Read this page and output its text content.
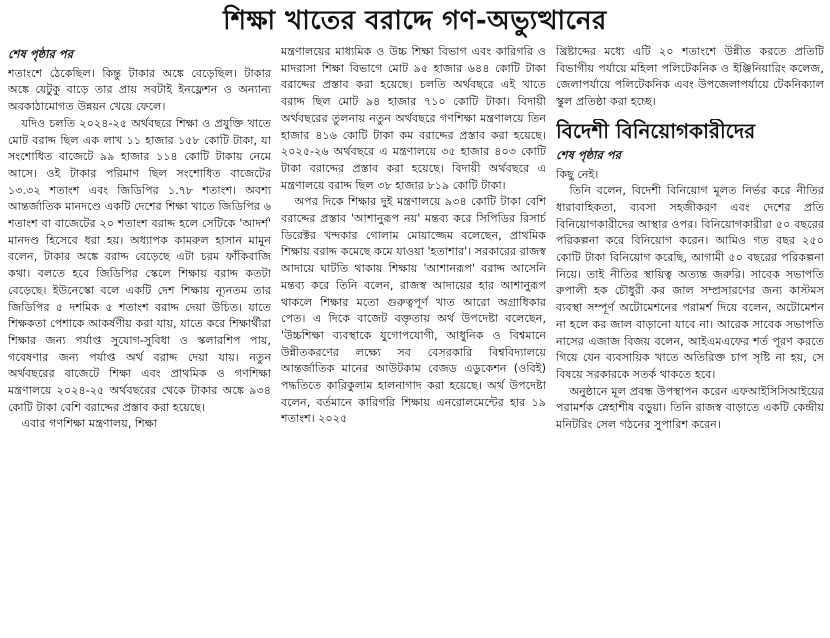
শিক্ষা খাতের বরাদ্দে গণ-অভ্যুত্থানের
শেষ পৃষ্ঠার পর

শতাংশে ঠেকেছিল। কিন্তু টাকার অঙ্কে বেড়েছিল। টাকার অঙ্কে যেটুকু বাড়ে তার প্রায় সবটাই ইনফ্লেশন ও অন্যান্য অবকাঠামোগত উন্নয়ন খেয়ে ফেলে।

যদিও চলতি ২০২৪-২৫ অর্থবছরে শিক্ষা ও প্রযুক্তি খাতে মোট বরাদ্দ ছিল এক লাখ ১১ হাজার ১৫৮ কোটি টাকা, যা সংশোধিত বাজেটে ৯৯ হাজার ১১৪ কোটি টাকায় নেমে আসে। ওই টাকার পরিমাণ ছিল সংশোধিত বাজেটের ১৩.৩২ শতাংশ এবং জিডিপির ১.৭৮ শতাংশ। অবশ্য আন্তর্জাতিক মানদণ্ডে একটি দেশের শিক্ষা খাতে জিডিপির ৬ শতাংশ বা বাজেটের ২০ শতাংশ বরাদ্দ হলে সেটিকে 'আদর্শ' মানদণ্ড হিসেবে ধরা হয়। অধ্যাপক কামরুল হাসান মামুন বলেন, টাকার অঙ্কে বরাদ্দ বেড়েছে এটা চরম ফাঁকিবাজি কথা। বলতে হবে জিডিপির স্কেলে শিক্ষায় বরাদ্দ কতটা বেড়েছে। ইউনেস্কো বলে একটি দেশ শিক্ষায় ন্যূনতম তার জিডিপির ৫ দশমিক ৫ শতাংশ বরাদ্দ দেয়া উচিত। যাতে শিক্ষকতা পেশাকে আকর্ষণীয় করা যায়, যাতে করে শিক্ষার্থীরা শিক্ষার জন্য পর্যাপ্ত সুযোগ-সুবিধা ও স্কলারশিপ পায়, গবেষণার জন্য পর্যাপ্ত অর্থ বরাদ্দ দেয়া যায়। নতুন অর্থবছরের বাজেটে শিক্ষা এবং প্রাথমিক ও গণশিক্ষা মন্ত্রণালয়ে ২০২৪-২৫ অর্থবছরের থেকে টাকার অঙ্কে ৯৩৪ কোটি টাকা বেশি বরাদ্দের প্রস্তাব করা হয়েছে।

এবার গণশিক্ষা মন্ত্রণালয়, শিক্ষা

মন্ত্রণালয়ের মাধ্যমিক ও উচ্চ শিক্ষা বিভাগ এবং কারিগরি ও মাদরাসা শিক্ষা বিভাগে মোট ৯৫ হাজার ৬৪৪ কোটি টাকা বরাদ্দের প্রস্তাব করা হয়েছে। চলতি অর্থবছরে এই খাতে বরাদ্দ ছিল মোট ৯৪ হাজার ৭১০ কোটি টাকা। বিদায়ী অর্থবছরের তুলনায় নতুন অর্থবছরে গণশিক্ষা মন্ত্রণালয়ে তিন হাজার ৪১৬ কোটি টাকা কম বরাদ্দের প্রস্তাব করা হয়েছে। ২০২৫-২৬ অর্থবছরে এ মন্ত্রণালয়ে ৩৫ হাজার ৪০৩ কোটি টাকা বরাদ্দের প্রস্তাব করা হয়েছে। বিদায়ী অর্থবছরে এ মন্ত্রণালয়ে বরাদ্দ ছিল ৩৮ হাজার ৮১৯ কোটি টাকা।

অপর দিকে শিক্ষার দুই মন্ত্রণালয়ে ৯৩৪ কোটি টাকা বেশি বরাদ্দের প্রস্তাব 'আশানুরূপ নয়' মন্তব্য করে সিপিডির রিসার্চ ডিরেক্টর খন্দকার গোলাম মোয়াজ্জেম বলেছেন, প্রাথমিক শিক্ষায় বরাদ্দ কমেছে কমে যাওয়া 'হতাশার'। সরকারের রাজস্ব আদায়ে ঘাটতি থাকায় শিক্ষায় 'আশানরূপ' বরাদ্দ আসেনি মন্তব্য করে তিনি বলেন, রাজস্ব আদায়ের হার আশানুরূপ থাকলে শিক্ষার মতো গুরুত্বপূর্ণ খাত আরো অগ্রাধিকার পেত। এ দিকে বাজেট বক্তৃতায় অর্থ উপদেষ্টা বলেছেন, 'উচ্চশিক্ষা ব্যবস্থাকে যুগোপযোগী, আধুনিক ও বিশ্বমানে উন্নীতকরণের লক্ষ্যে সব বেসরকারি বিশ্ববিদ্যালয়ে আন্তর্জাতিক মানের আউটকাম বেজড এডুকেশন (ওবিই) পদ্ধতিতে কারিকুলাম হালনাগাদ করা হয়েছে। অর্থ উপদেষ্টা বলেন, বর্তমানে কারিগরি শিক্ষায় এনরোলমেন্টের হার ১৯ শতাংশ। ২০২৫

খ্রিষ্টাব্দের মধ্যে এটি ২০ শতাংশে উন্নীত করতে প্রতিটি বিভাগীয় পর্যায়ে মহিলা পলিটেকনিক ও ইঞ্জিনিয়ারিং কলেজ, জেলাপর্যায়ে পলিটেকনিক এবং উপজেলাপর্যায়ে টেকনিক্যাল স্কুল প্রতিষ্ঠা করা হচ্ছে।

বিদেশী বিনিয়োগকারীদের
শেষ পৃষ্ঠার পর

কিছু নেই।

তিনি বলেন, বিদেশী বিনিয়োগ মূলত নির্ভর করে নীতির ধারাবাহিকতা, ব্যবসা সহজীকরণ এবং দেশের প্রতি বিনিয়োগকারীদের আস্থার ওপর। বিনিয়োগকারীরা ৫০ বছরের পরিকল্পনা করে বিনিয়োগ করেন। আমিও গত বছর ২৫০ কোটি টাকা বিনিয়োগ করেছি, আগামী ৫০ বছরের পরিকল্পনা নিয়ে। তাই নীতির স্থায়িত্ব অত্যন্ত জরুরি। সাবেক সভাপতি রুপালী হক চৌধুরী কর জাল সম্প্রসারণের জন্য কাস্টমস ব্যবস্থা সম্পূর্ণ অটোমেশনের পরামর্শ দিয়ে বলেন, অটোমেশন না হলে কর জাল বাড়ানো যাবে না। আরেক সাবেক সভাপতি নাসের এজাজ বিজয় বলেন, আইএমএফের শর্ত পূরণ করতে গিয়ে যেন ব্যবসায়িক খাতে অতিরিক্ত চাপ সৃষ্টি না হয়, সে বিষয়ে সরকারকে সতর্ক থাকতে হবে।

অনুষ্ঠানে মূল প্রবন্ধ উপস্থাপন করেন এফআইসিসিআইয়ের পরামর্শক স্নেহাশীষ বড়ুয়া। তিনি রাজস্ব বাড়াতে একটি কেন্দ্রীয় মনিটরিং সেল গঠনের সুপারিশ করেন।
